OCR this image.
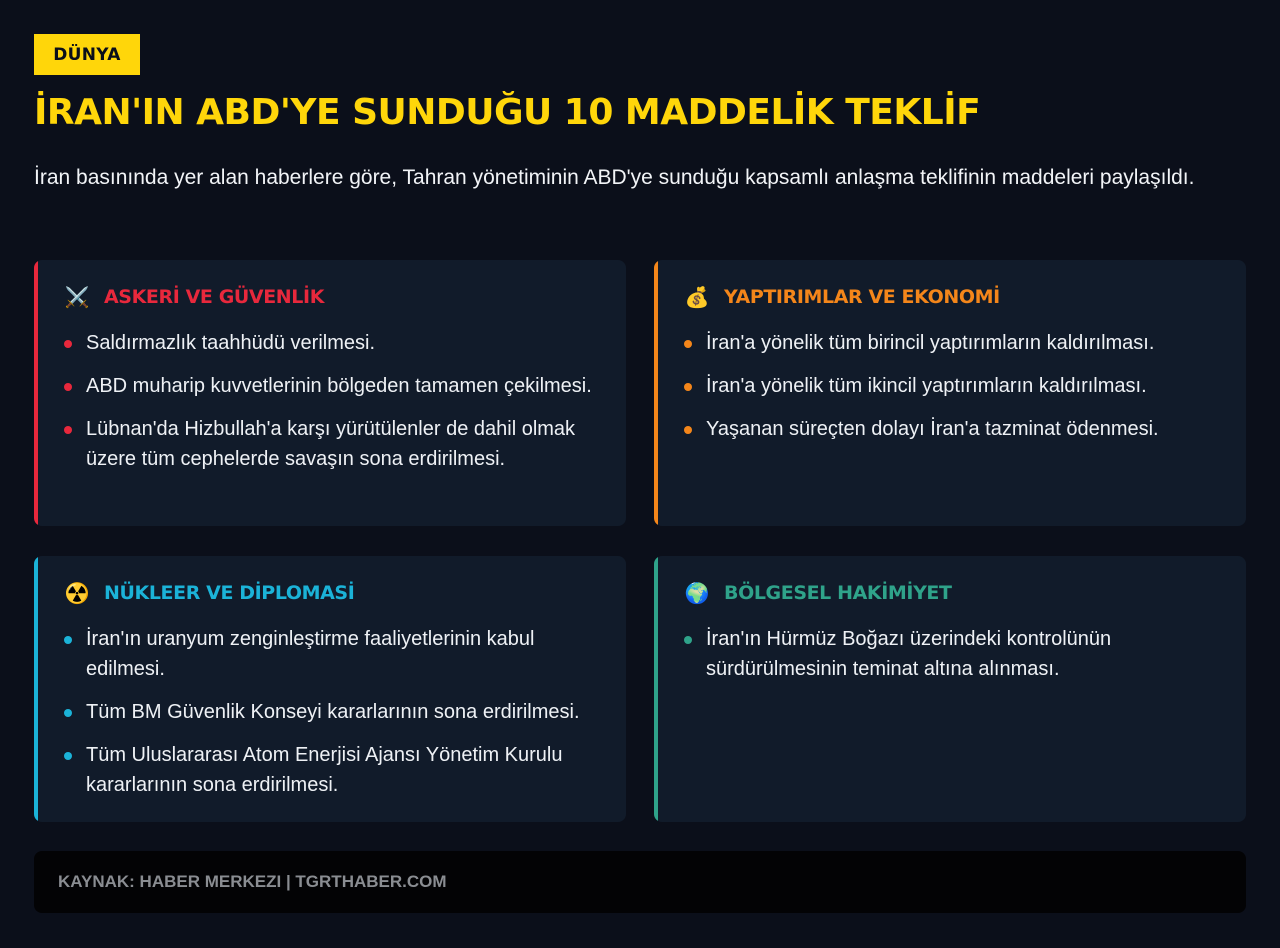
DÜNYA
İRAN'IN ABD'YE SUNDUĞU 10 MADDELİK TEKLİF

İran basınında yer alan haberlere göre, Tahran yönetiminin ABD'ye sunduğu kapsamlı anlaşma teklifinin maddeleri paylaşıldı.

⚔️ ASKERİ VE GÜVENLİK
Saldırmazlık taahhüdü verilmesi.
ABD muharip kuvvetlerinin bölgeden tamamen çekilmesi.
Lübnan'da Hizbullah'a karşı yürütülenler de dahil olmak üzere tüm cephelerde savaşın sona erdirilmesi.
💰 YAPTIRIMLAR VE EKONOMİ
İran'a yönelik tüm birincil yaptırımların kaldırılması.
İran'a yönelik tüm ikincil yaptırımların kaldırılması.
Yaşanan süreçten dolayı İran'a tazminat ödenmesi.
☢️ NÜKLEER VE DİPLOMASİ
İran'ın uranyum zenginleştirme faaliyetlerinin kabul edilmesi.
Tüm BM Güvenlik Konseyi kararlarının sona erdirilmesi.
Tüm Uluslararası Atom Enerjisi Ajansı Yönetim Kurulu kararlarının sona erdirilmesi.
🌍 BÖLGESEL HAKİMİYET
İran'ın Hürmüz Boğazı üzerindeki kontrolünün sürdürülmesinin teminat altına alınması.
KAYNAK: HABER MERKEZI | TGRTHABER.COM
